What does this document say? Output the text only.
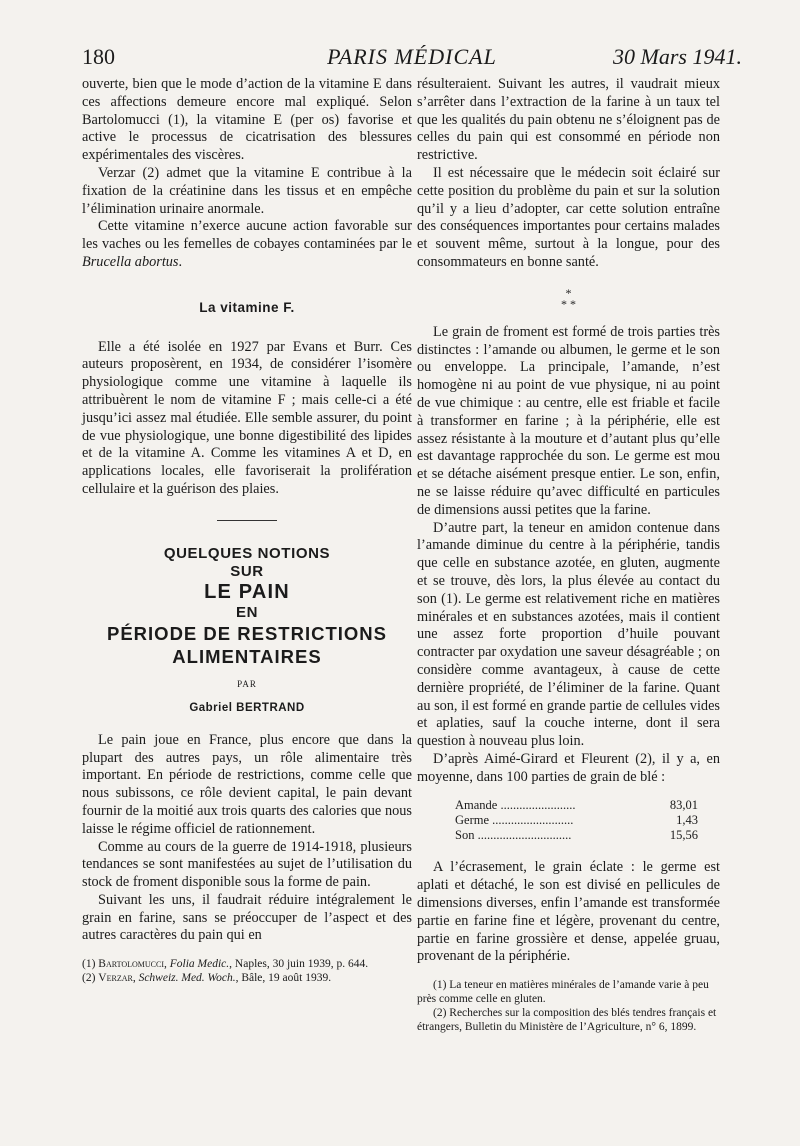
180	PARIS MÉDICAL	30 Mars 1941.

ouverte, bien que le mode d’action de la vitamine E dans ces affections demeure encore mal expliqué. Selon Bartolomucci (1), la vitamine E (per os) favorise et active le processus de cicatrisation des blessures expérimentales des viscères.

Verzar (2) admet que la vitamine E contribue à la fixation de la créatinine dans les tissus et en empêche l’élimination urinaire anormale.

Cette vitamine n’exerce aucune action favorable sur les vaches ou les femelles de cobayes contaminées par le Brucella abortus.

La vitamine F.

Elle a été isolée en 1927 par Evans et Burr. Ces auteurs proposèrent, en 1934, de considérer l’isomère physiologique comme une vitamine à laquelle ils attribuèrent le nom de vitamine F ; mais celle-ci a été jusqu’ici assez mal étudiée. Elle semble assurer, du point de vue physiologique, une bonne digestibilité des lipides et de la vitamine A. Comme les vitamines A et D, en applications locales, elle favoriserait la prolifération cellulaire et la guérison des plaies.

QUELQUES NOTIONS

SUR

LE PAIN

EN

PÉRIODE DE RESTRICTIONS

ALIMENTAIRES

PAR

Gabriel BERTRAND

Le pain joue en France, plus encore que dans la plupart des autres pays, un rôle alimentaire très important. En période de restrictions, comme celle que nous subissons, ce rôle devient capital, le pain devant fournir de la moitié aux trois quarts des calories que nous laisse le régime officiel de rationnement.

Comme au cours de la guerre de 1914-1918, plusieurs tendances se sont manifestées au sujet de l’utilisation du stock de froment disponible sous la forme de pain.

Suivant les uns, il faudrait réduire intégralement le grain en farine, sans se préoccuper de l’aspect et des autres caractères du pain qui en

(1) Bartolomucci, Folia Medic., Naples, 30 juin 1939, p. 644.

(2) Verzar, Schweiz. Med. Woch., Bâle, 19 août 1939.

résulteraient. Suivant les autres, il vaudrait mieux s’arrêter dans l’extraction de la farine à un taux tel que les qualités du pain obtenu ne s’éloignent pas de celles du pain qui est consommé en période non restrictive.

Il est nécessaire que le médecin soit éclairé sur cette position du problème du pain et sur la solution qu’il y a lieu d’adopter, car cette solution entraîne des conséquences importantes pour certains malades et souvent même, surtout à la longue, pour des consommateurs en bonne santé.

*

* *

Le grain de froment est formé de trois parties très distinctes : l’amande ou albumen, le germe et le son ou enveloppe. La principale, l’amande, n’est homogène ni au point de vue physique, ni au point de vue chimique : au centre, elle est friable et facile à transformer en farine ; à la périphérie, elle est assez résistante à la mouture et d’autant plus qu’elle est davantage rapprochée du son. Le germe est mou et se détache aisément presque entier. Le son, enfin, ne se laisse réduire qu’avec difficulté en particules de dimensions aussi petites que la farine.

D’autre part, la teneur en amidon contenue dans l’amande diminue du centre à la périphérie, tandis que celle en substance azotée, en gluten, augmente et se trouve, dès lors, la plus élevée au contact du son (1). Le germe est relativement riche en matières minérales et en substances azotées, mais il contient une assez forte proportion d’huile pouvant contracter par oxydation une saveur désagréable ; on considère comme avantageux, à cause de cette dernière propriété, de l’éliminer de la farine. Quant au son, il est formé en grande partie de cellules vides et aplaties, sauf la couche interne, dont il sera question à nouveau plus loin.

D’après Aimé-Girard et Fleurent (2), il y a, en moyenne, dans 100 parties de grain de blé :

Amande ........................	83,01
Germe ..........................	1,43
Son ..............................	15,56

A l’écrasement, le grain éclate : le germe est aplati et détaché, le son est divisé en pellicules de dimensions diverses, enfin l’amande est transformée partie en farine fine et légère, provenant du centre, partie en farine grossière et dense, appelée gruau, provenant de la périphérie.

(1) La teneur en matières minérales de l’amande varie à peu près comme celle en gluten.

(2) Recherches sur la composition des blés tendres français et étrangers, Bulletin du Ministère de l’Agriculture, n° 6, 1899.
